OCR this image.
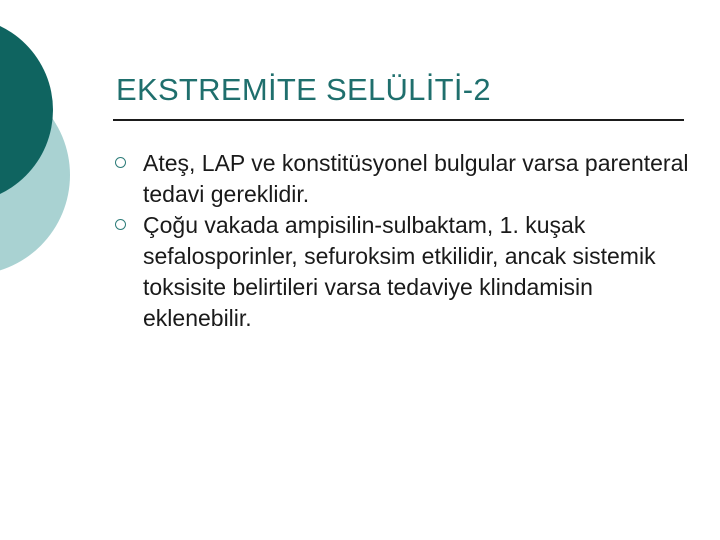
EKSTREMİTE SELÜLİTİ-2
Ateş, LAP ve konstitüsyonel bulgular varsa parenteral tedavi gereklidir.
Çoğu vakada ampisilin-sulbaktam, 1. kuşak sefalosporinler, sefuroksim etkilidir, ancak sistemik toksisite belirtileri varsa tedaviye klindamisin eklenebilir.
